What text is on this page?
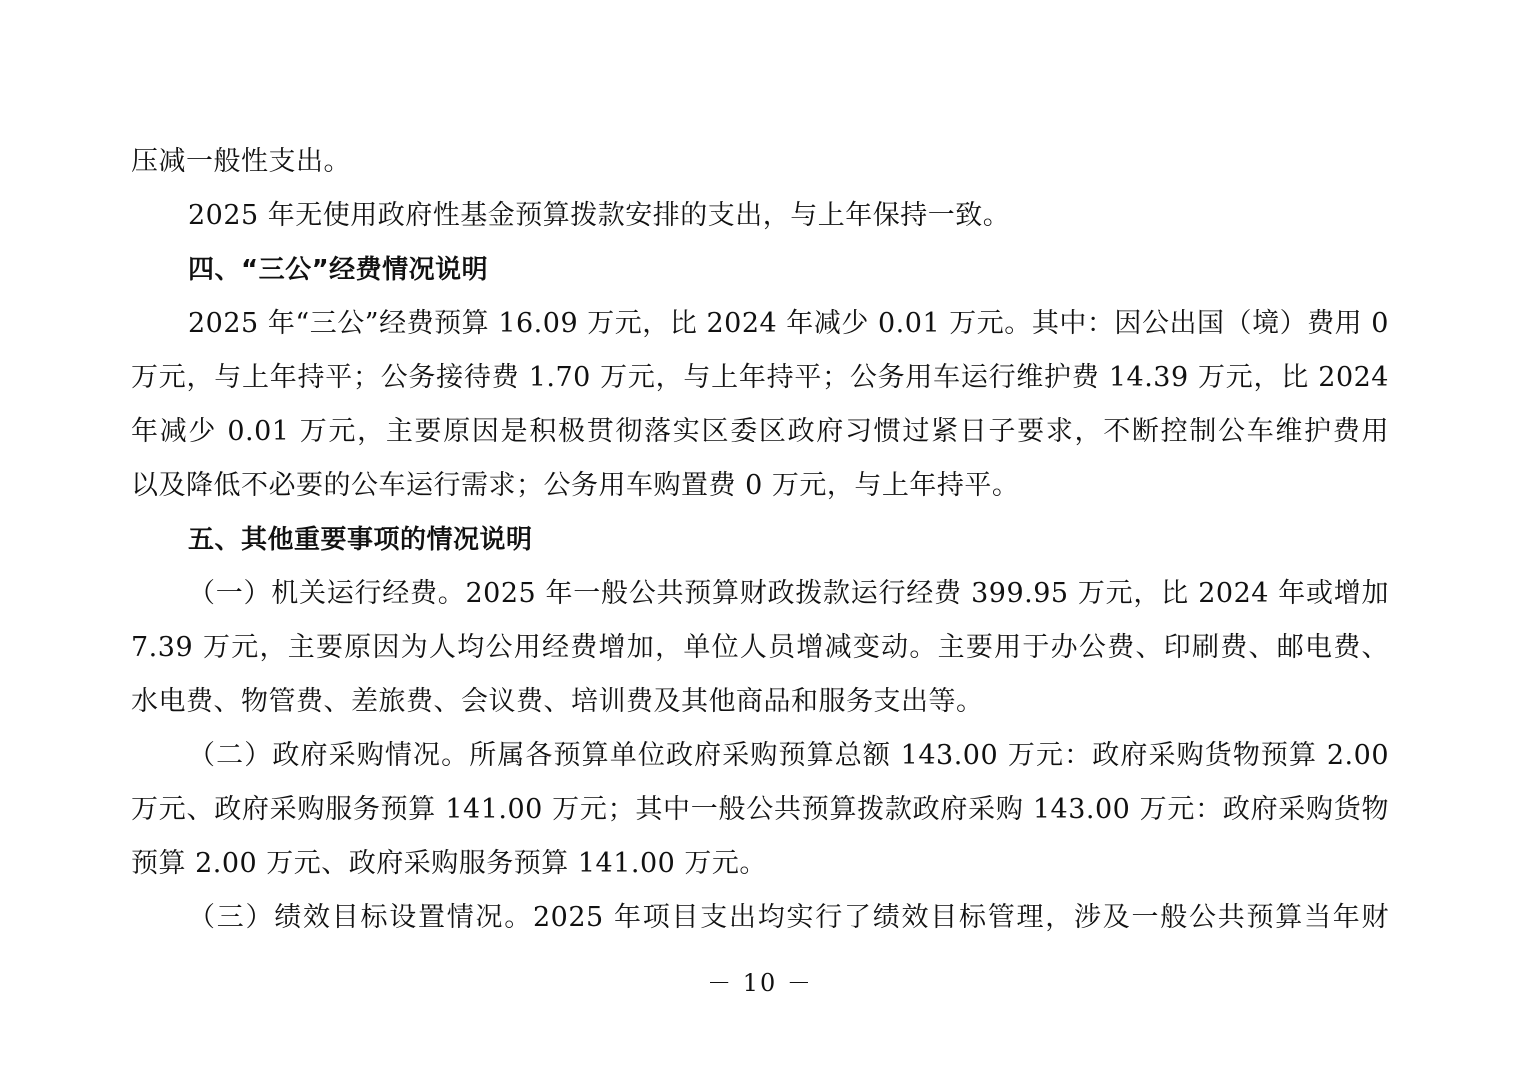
压减一般性支出。
2025 年无使用政府性基金预算拨款安排的支出，与上年保持一致。
四、“三公”经费情况说明
2025 年“三公”经费预算 16.09 万元，比 2024 年减少 0.01 万元。其中：因公出国（境）费用 0
万元，与上年持平；公务接待费 1.70 万元，与上年持平；公务用车运行维护费 14.39 万元，比 2024
年减少 0.01 万元，主要原因是积极贯彻落实区委区政府习惯过紧日子要求，不断控制公车维护费用
以及降低不必要的公车运行需求；公务用车购置费 0 万元，与上年持平。
五、其他重要事项的情况说明
（一）机关运行经费。2025 年一般公共预算财政拨款运行经费 399.95 万元，比 2024 年或增加
7.39 万元，主要原因为人均公用经费增加，单位人员增减变动。主要用于办公费、印刷费、邮电费、
水电费、物管费、差旅费、会议费、培训费及其他商品和服务支出等。
（二）政府采购情况。所属各预算单位政府采购预算总额 143.00 万元：政府采购货物预算 2.00
万元、政府采购服务预算 141.00 万元；其中一般公共预算拨款政府采购 143.00 万元：政府采购货物
预算 2.00 万元、政府采购服务预算 141.00 万元。
（三）绩效目标设置情况。2025 年项目支出均实行了绩效目标管理，涉及一般公共预算当年财
－ 10 －
